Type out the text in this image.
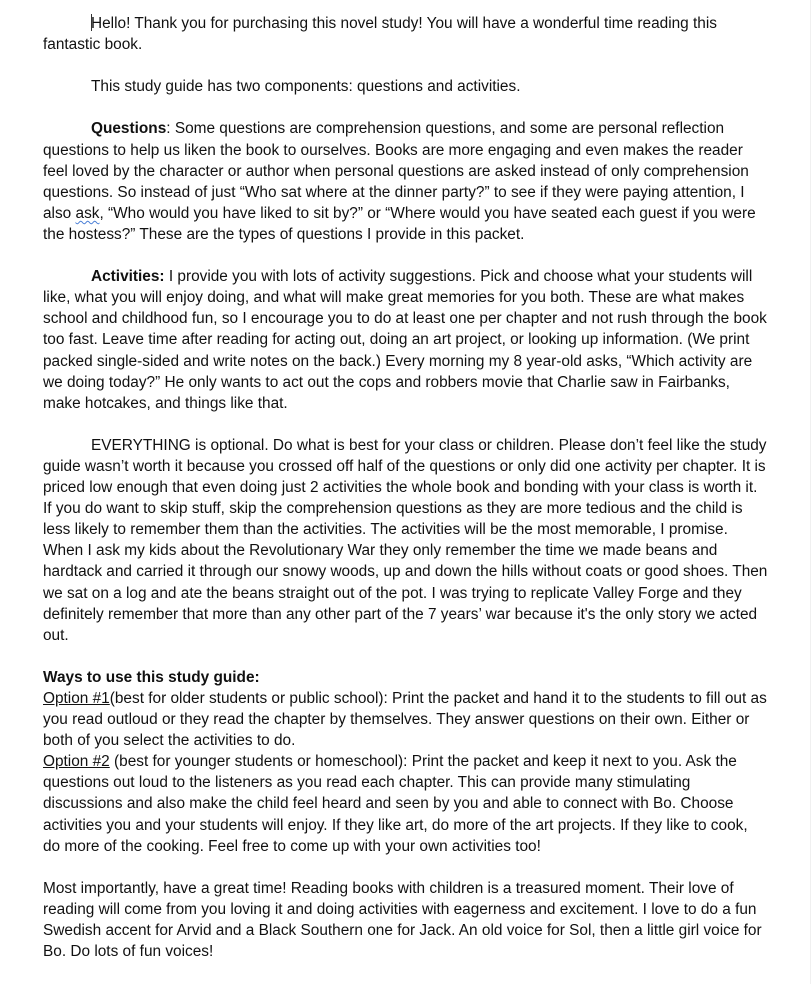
Hello! Thank you for purchasing this novel study! You will have a wonderful time reading this fantastic book.

This study guide has two components: questions and activities.

Questions: Some questions are comprehension questions, and some are personal reflection questions to help us liken the book to ourselves. Books are more engaging and even makes the reader feel loved by the character or author when personal questions are asked instead of only comprehension questions. So instead of just “Who sat where at the dinner party?” to see if they were paying attention, I also ask, “Who would you have liked to sit by?” or “Where would you have seated each guest if you were the hostess?” These are the types of questions I provide in this packet.

Activities: I provide you with lots of activity suggestions. Pick and choose what your students will like, what you will enjoy doing, and what will make great memories for you both. These are what makes school and childhood fun, so I encourage you to do at least one per chapter and not rush through the book too fast. Leave time after reading for acting out, doing an art project, or looking up information. (We print packed single-sided and write notes on the back.) Every morning my 8 year-old asks, “Which activity are we doing today?” He only wants to act out the cops and robbers movie that Charlie saw in Fairbanks, make hotcakes, and things like that.

EVERYTHING is optional. Do what is best for your class or children. Please don’t feel like the study guide wasn’t worth it because you crossed off half of the questions or only did one activity per chapter. It is priced low enough that even doing just 2 activities the whole book and bonding with your class is worth it. If you do want to skip stuff, skip the comprehension questions as they are more tedious and the child is less likely to remember them than the activities. The activities will be the most memorable, I promise. When I ask my kids about the Revolutionary War they only remember the time we made beans and hardtack and carried it through our snowy woods, up and down the hills without coats or good shoes. Then we sat on a log and ate the beans straight out of the pot. I was trying to replicate Valley Forge and they definitely remember that more than any other part of the 7 years’ war because it's the only story we acted out.

Ways to use this study guide:

Option #1(best for older students or public school): Print the packet and hand it to the students to fill out as you read outloud or they read the chapter by themselves. They answer questions on their own. Either or both of you select the activities to do.

Option #2 (best for younger students or homeschool): Print the packet and keep it next to you. Ask the questions out loud to the listeners as you read each chapter. This can provide many stimulating discussions and also make the child feel heard and seen by you and able to connect with Bo. Choose activities you and your students will enjoy. If they like art, do more of the art projects. If they like to cook, do more of the cooking. Feel free to come up with your own activities too!

Most importantly, have a great time! Reading books with children is a treasured moment. Their love of reading will come from you loving it and doing activities with eagerness and excitement. I love to do a fun Swedish accent for Arvid and a Black Southern one for Jack. An old voice for Sol, then a little girl voice for Bo. Do lots of fun voices!
